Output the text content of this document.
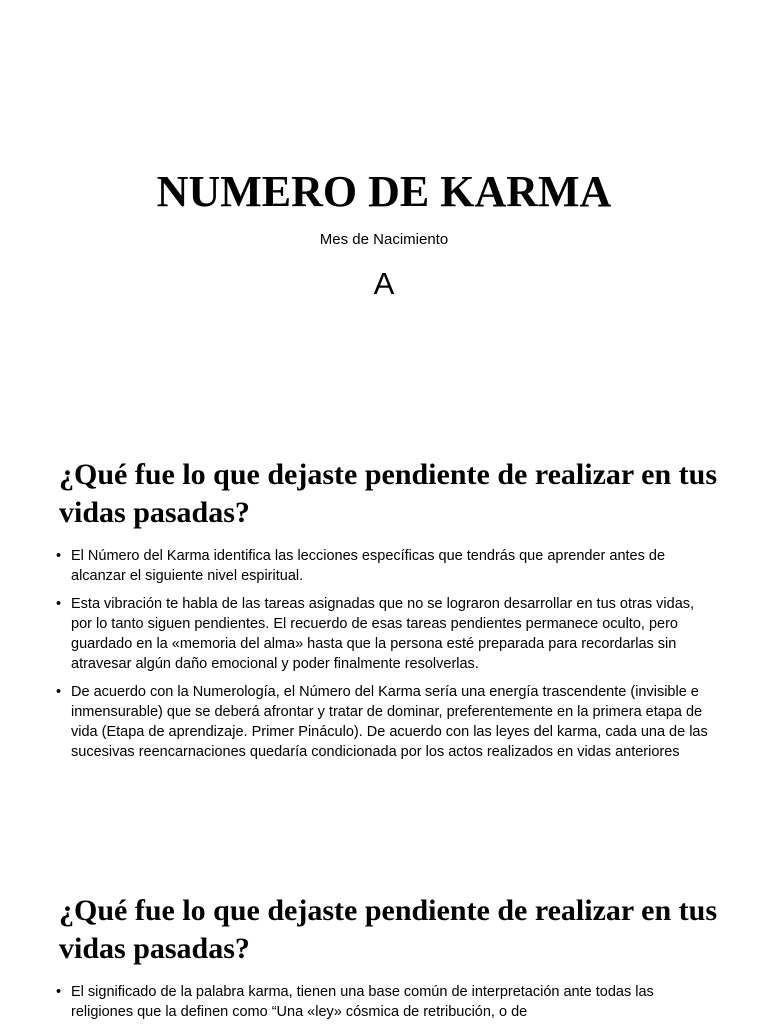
NUMERO DE KARMA
Mes de Nacimiento
A
¿Qué fue lo que dejaste pendiente de realizar en tus vidas pasadas?
• El Número del Karma identifica las lecciones específicas que tendrás que aprender antes de alcanzar el siguiente nivel espiritual.
• Esta vibración te habla de las tareas asignadas que no se lograron desarrollar en tus otras vidas, por lo tanto siguen pendientes. El recuerdo de esas tareas pendientes permanece oculto, pero guardado en la «memoria del alma» hasta que la persona esté preparada para recordarlas sin atravesar algún daño emocional y poder finalmente resolverlas.
• De acuerdo con la Numerología, el Número del Karma sería una energía trascendente (invisible e inmensurable) que se deberá afrontar y tratar de dominar, preferentemente en la primera etapa de vida (Etapa de aprendizaje. Primer Pináculo). De acuerdo con las leyes del karma, cada una de las sucesivas reencarnaciones quedaría condicionada por los actos realizados en vidas anteriores
¿Qué fue lo que dejaste pendiente de realizar en tus vidas pasadas?
• El significado de la palabra karma, tienen una base común de interpretación ante todas las religiones que la definen como “Una «ley» cósmica de retribución, o de
